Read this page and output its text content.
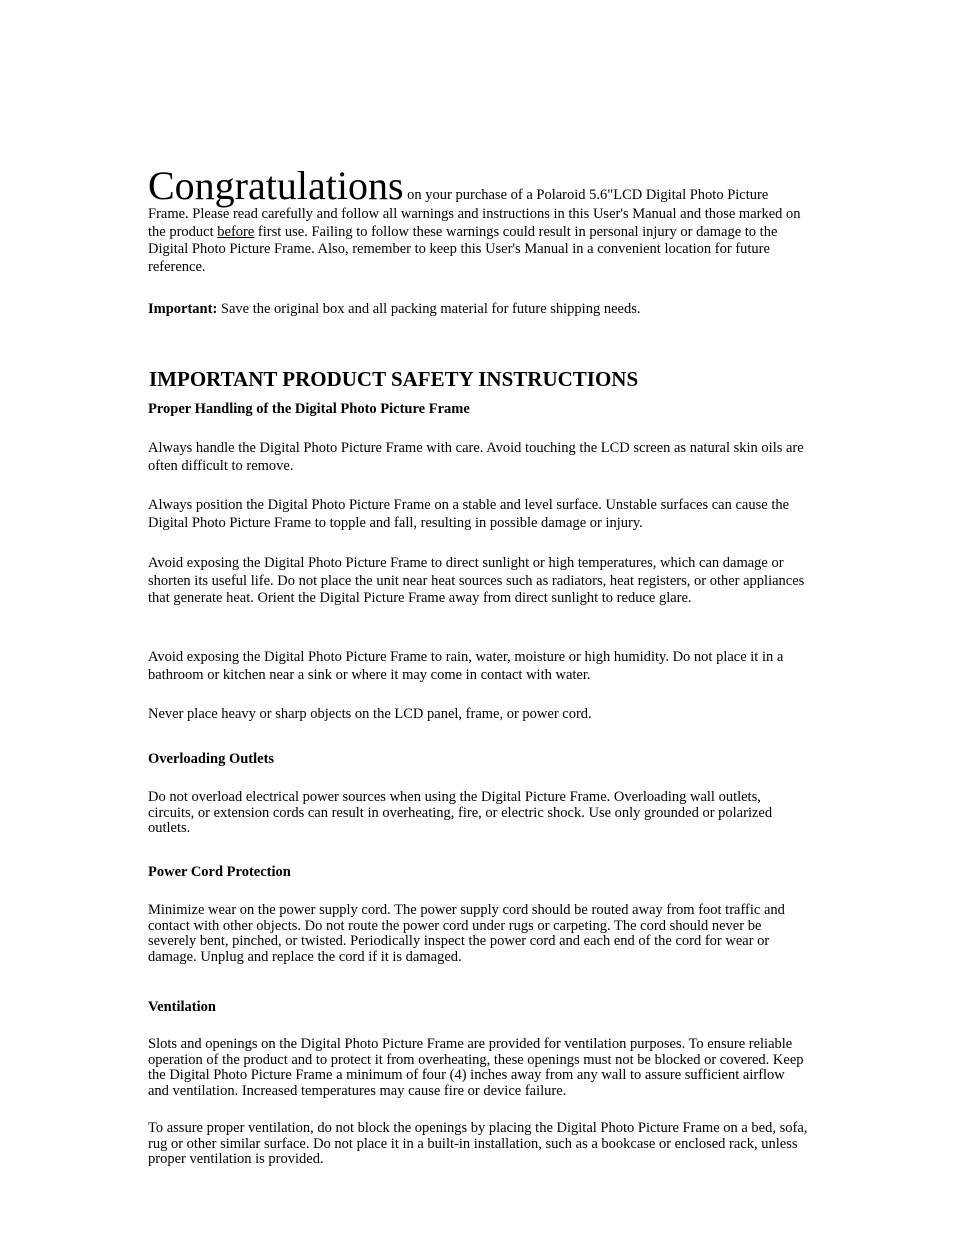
Congratulations on your purchase of a Polaroid 5.6"LCD Digital Photo Picture Frame. Please read carefully and follow all warnings and instructions in this User's Manual and those marked on the product before first use. Failing to follow these warnings could result in personal injury or damage to the Digital Photo Picture Frame. Also, remember to keep this User's Manual in a convenient location for future reference.
Important: Save the original box and all packing material for future shipping needs.
IMPORTANT PRODUCT SAFETY INSTRUCTIONS
Proper Handling of the Digital Photo Picture Frame
Always handle the Digital Photo Picture Frame with care. Avoid touching the LCD screen as natural skin oils are often difficult to remove.
Always position the Digital Photo Picture Frame on a stable and level surface. Unstable surfaces can cause the Digital Photo Picture Frame to topple and fall, resulting in possible damage or injury.
Avoid exposing the Digital Photo Picture Frame to direct sunlight or high temperatures, which can damage or shorten its useful life. Do not place the unit near heat sources such as radiators, heat registers, or other appliances that generate heat. Orient the Digital Picture Frame away from direct sunlight to reduce glare.
Avoid exposing the Digital Photo Picture Frame to rain, water, moisture or high humidity. Do not place it in a bathroom or kitchen near a sink or where it may come in contact with water.
Never place heavy or sharp objects on the LCD panel, frame, or power cord.
Overloading Outlets
Do not overload electrical power sources when using the Digital Picture Frame. Overloading wall outlets, circuits, or extension cords can result in overheating, fire, or electric shock. Use only grounded or polarized outlets.
Power Cord Protection
Minimize wear on the power supply cord. The power supply cord should be routed away from foot traffic and contact with other objects. Do not route the power cord under rugs or carpeting. The cord should never be severely bent, pinched, or twisted. Periodically inspect the power cord and each end of the cord for wear or damage. Unplug and replace the cord if it is damaged.
Ventilation
Slots and openings on the Digital Photo Picture Frame are provided for ventilation purposes. To ensure reliable operation of the product and to protect it from overheating, these openings must not be blocked or covered. Keep the Digital Photo Picture Frame a minimum of four (4) inches away from any wall to assure sufficient airflow and ventilation. Increased temperatures may cause fire or device failure.
To assure proper ventilation, do not block the openings by placing the Digital Photo Picture Frame on a bed, sofa, rug or other similar surface. Do not place it in a built-in installation, such as a bookcase or enclosed rack, unless proper ventilation is provided.
